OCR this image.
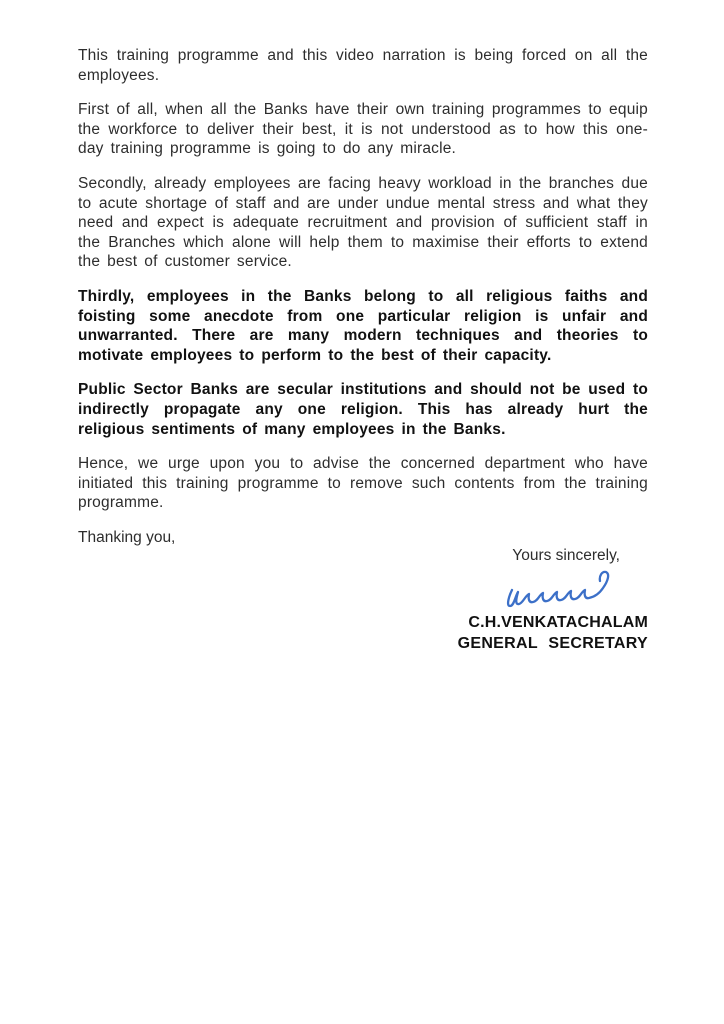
This training programme and this video narration is being forced on all the employees.

First of all, when all the Banks have their own training programmes to equip the workforce to deliver their best, it is not understood as to how this one-day training programme is going to do any miracle.

Secondly, already employees are facing heavy workload in the branches due to acute shortage of staff and are under undue mental stress and what they need and expect is adequate recruitment and provision of sufficient staff in the Branches which alone will help them to maximise their efforts to extend the best of customer service.

Thirdly, employees in the Banks belong to all religious faiths and foisting some anecdote from one particular religion is unfair and unwarranted. There are many modern techniques and theories to motivate employees to perform to the best of their capacity.

Public Sector Banks are secular institutions and should not be used to indirectly propagate any one religion. This has already hurt the religious sentiments of many employees in the Banks.

Hence, we urge upon you to advise the concerned department who have initiated this training programme to remove such contents from the training programme.

Thanking you,

Yours sincerely,
C.H.VENKATACHALAM
GENERAL SECRETARY
